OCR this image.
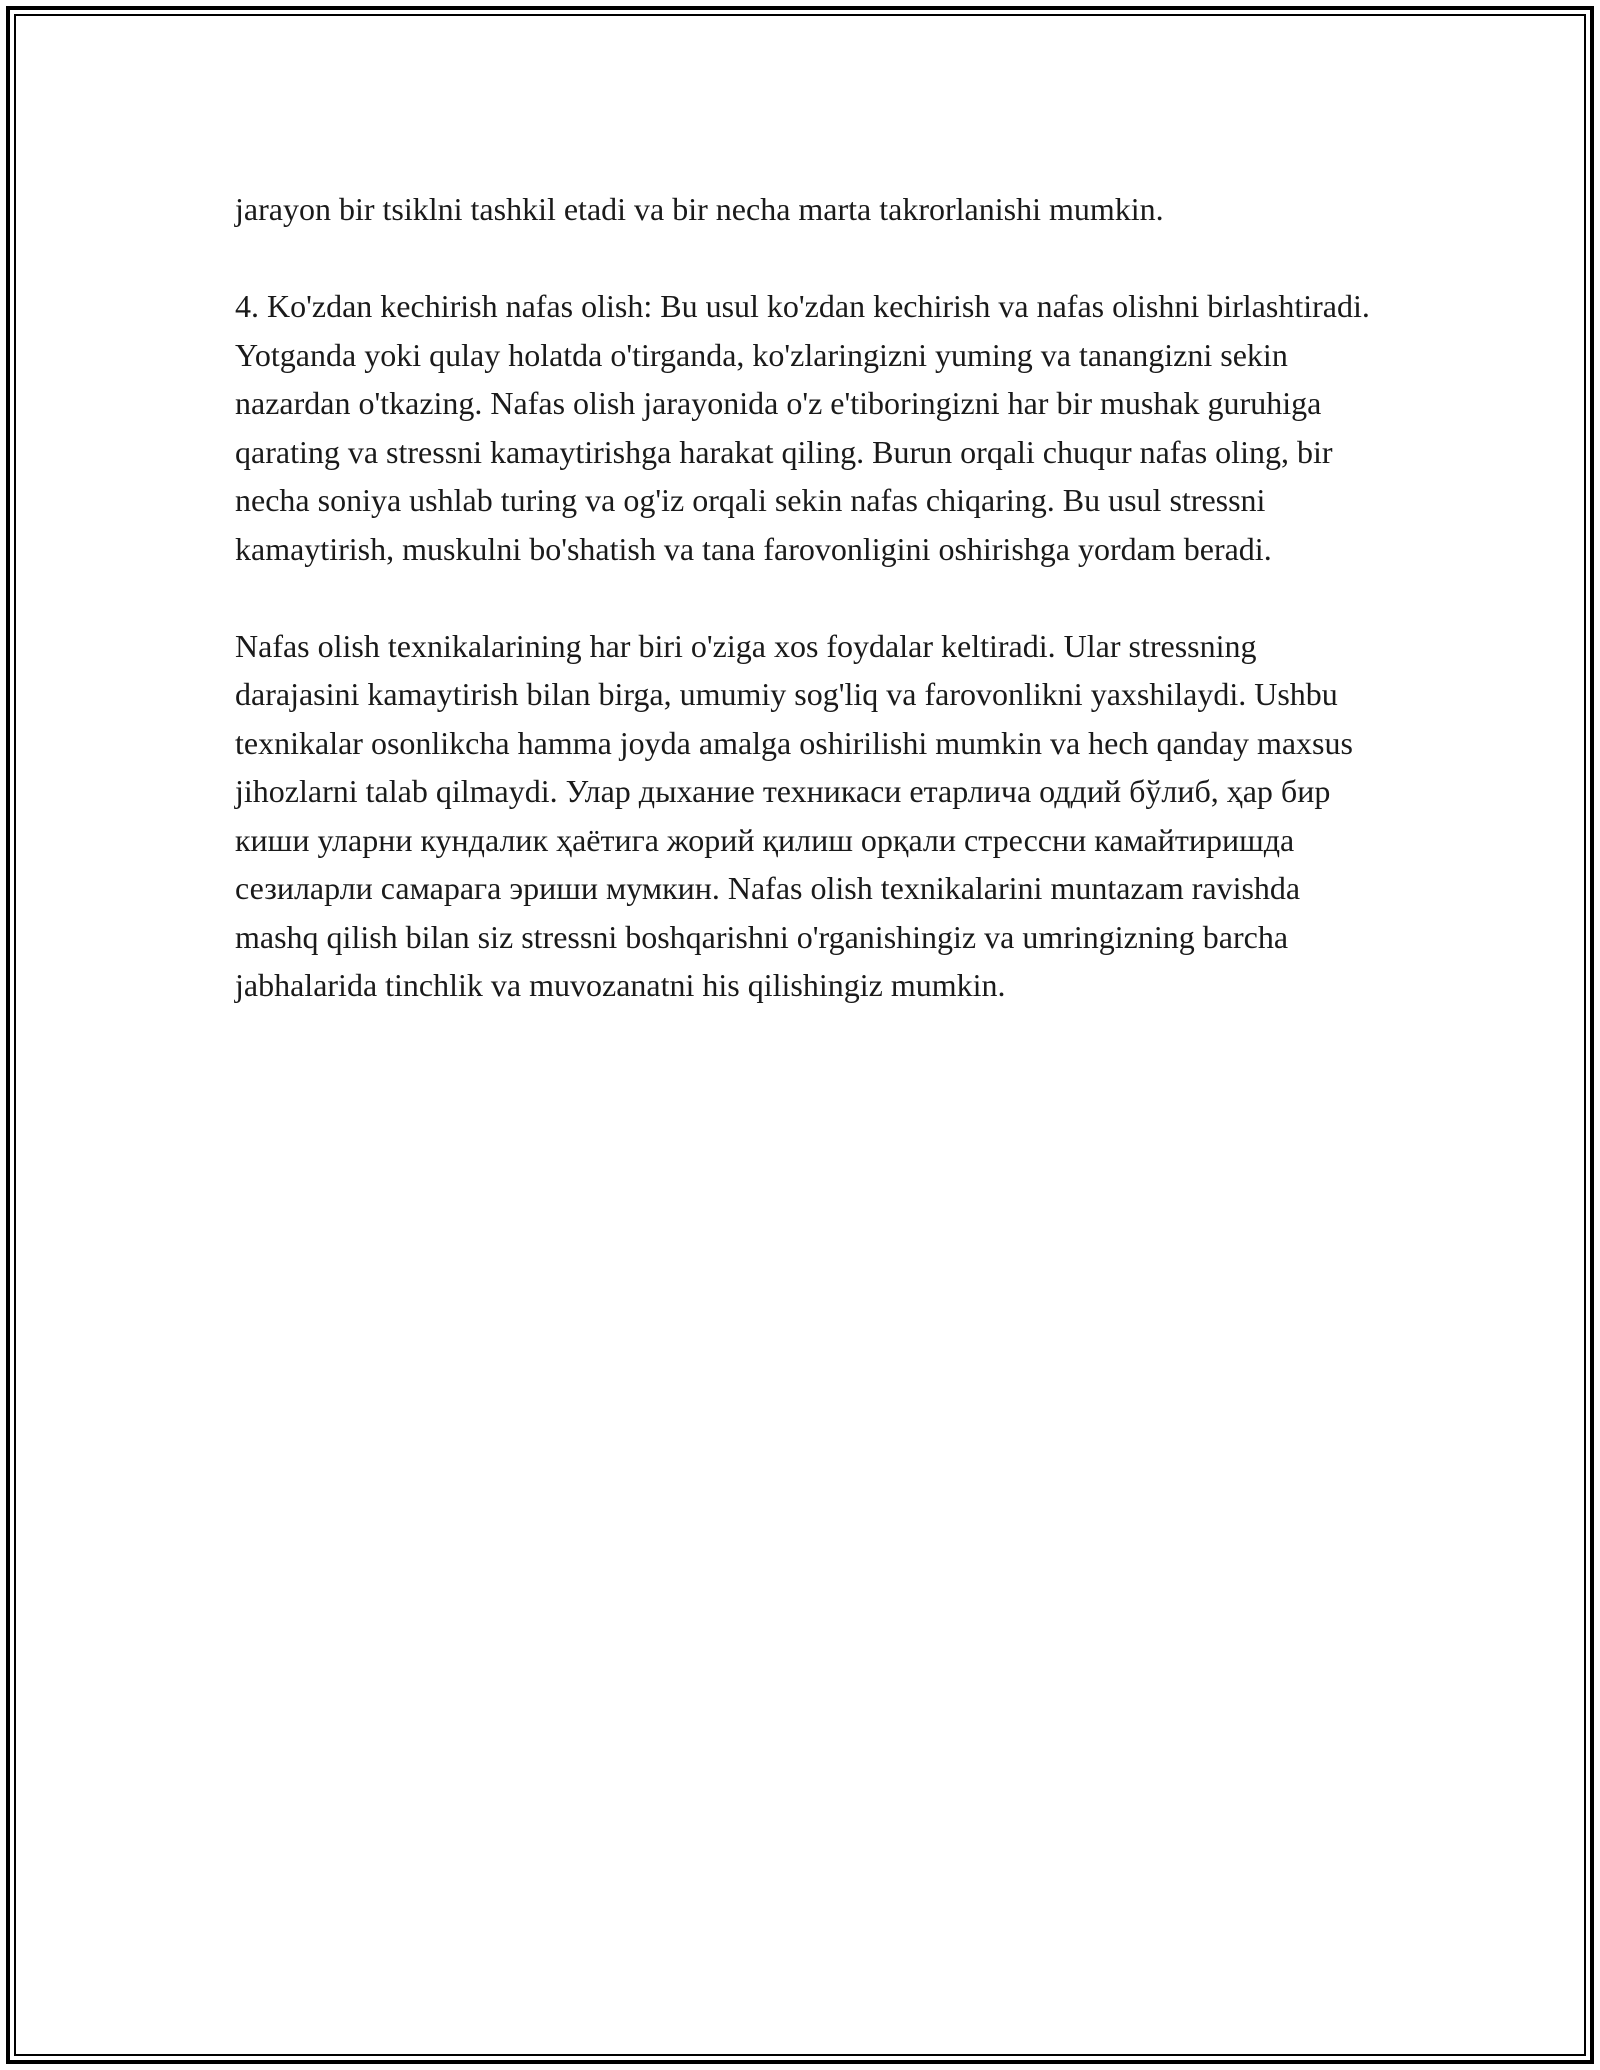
jarayon bir tsiklni tashkil etadi va bir necha marta takrorlanishi mumkin.

4. Ko'zdan kechirish nafas olish: Bu usul ko'zdan kechirish va nafas olishni birlashtiradi. Yotganda yoki qulay holatda o'tirganda, ko'zlaringizni yuming va tanangizni sekin nazardan o'tkazing. Nafas olish jarayonida o'z e'tiboringizni har bir mushak guruhiga qarating va stressni kamaytirishga harakat qiling. Burun orqali chuqur nafas oling, bir necha soniya ushlab turing va og'iz orqali sekin nafas chiqaring. Bu usul stressni kamaytirish, muskulni bo'shatish va tana farovonligini oshirishga yordam beradi.

Nafas olish texnikalarining har biri o'ziga xos foydalar keltiradi. Ular stressning darajasini kamaytirish bilan birga, umumiy sog'liq va farovonlikni yaxshilaydi. Ushbu texnikalar osonlikcha hamma joyda amalga oshirilishi mumkin va hech qanday maxsus jihozlarni talab qilmaydi. Улар дыхание техникаси етарлича оддий бўлиб, ҳар бир киши уларни кундалик ҳаётига жорий қилиш орқали стрессни камайтиришда сезиларли самарага эриши мумкин. Nafas olish texnikalarini muntazam ravishda mashq qilish bilan siz stressni boshqarishni o'rganishingiz va umringizning barcha jabhalarida tinchlik va muvozanatni his qilishingiz mumkin.
